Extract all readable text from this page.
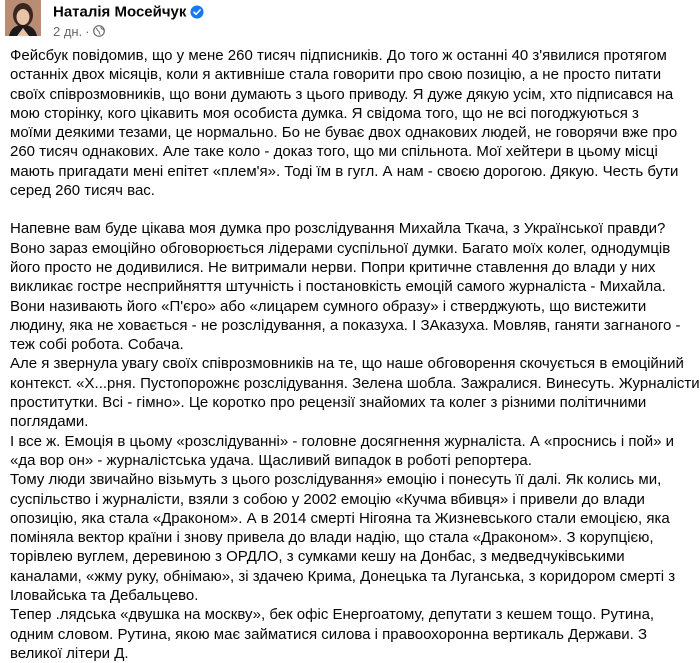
Наталія Мосейчук
2 дн. ·
Фейсбук повідомив, що у мене 260 тисяч підписників. До того ж останні 40 з'явилися протягом
останніх двох місяців, коли я активніше стала говорити про свою позицію, а не просто питати
своїх співрозмовників, що вони думають з цього приводу. Я дуже дякую усім, хто підписався на
мою сторінку, кого цікавить моя особиста думка. Я свідома того, що не всі погоджуються з
моїми деякими тезами, це нормально. Бо не буває двох однакових людей, не говорячи вже про
260 тисяч однакових. Але таке коло - доказ того, що ми спільнота. Мої хейтери в цьому місці
мають пригадати мені епітет «плем'я». Тоді їм в гугл. А нам - своєю дорогою. Дякую. Честь бути
серед 260 тисяч вас.
Напевне вам буде цікава моя думка про розслідування Михайла Ткача, з Української правди?
Воно зараз емоційно обговорюється лідерами суспільної думки. Багато моїх колег, однодумців
його просто не додивилися. Не витримали нерви. Попри критичне ставлення до влади у них
викликає гостре несприйняття штучність і постановкість емоцій самого журналіста - Михайла.
Вони називають його «П'єро» або «лицарем сумного образу» і стверджують, що вистежити
людину, яка не ховається - не розслідування, а показуха. І ЗАказуха. Мовляв, ганяти загнаного -
теж собі робота. Собача.
Але я звернула увагу своїх співрозмовників на те, що наше обговорення скочується в емоційний
контекст. «Х...рня. Пустопорожнє розслідування. Зелена шобла. Зажралися. Винесуть. Журналісти
проститутки. Всі - гімно». Це коротко про рецензії знайомих та колег з різними політичними
поглядами.
І все ж. Емоція в цьому «розслідуванні» - головне досягнення журналіста. А «проснись і пой» и
«да вор он» - журналістська удача. Щасливий випадок в роботі репортера.
Тому люди звичайно візьмуть з цього розслідування» емоцію і понесуть її далі. Як колись ми,
суспільство і журналісти, взяли з собою у 2002 емоцію «Кучма вбивця» і привели до влади
опозицію, яка стала «Драконом». А в 2014 смерті Нігояна та Жизневського стали емоцією, яка
поміняла вектор країни і знову привела до влади надію, що стала «Драконом». З корупцією,
торівлею вуглем, деревиною з ОРДЛО, з сумками кешу на Донбас, з медведчуківськими
каналами, «жму руку, обнімаю», зі здачею Крима, Донецька та Луганська, з коридором смерті з
Іловайська та Дебальцево.
Тепер .лядська «двушка на москву», бек офіс Енергоатому, депутати з кешем тощо. Рутина,
одним словом. Рутина, якою має займатися силова і правоохоронна вертикаль Держави. З
великої літери Д.
